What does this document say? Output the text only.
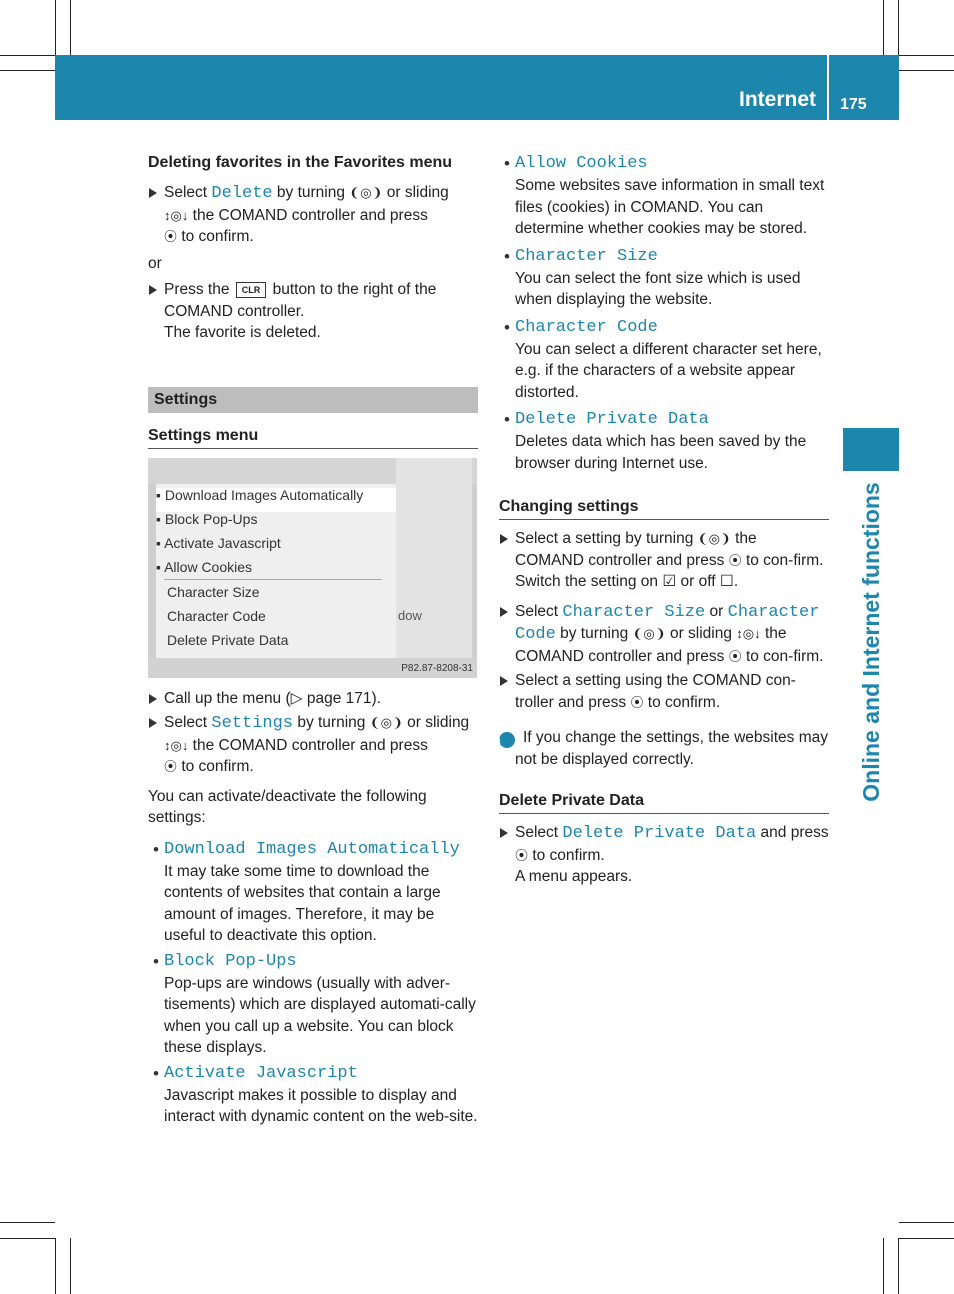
Internet 175
Online and Internet functions
Deleting favorites in the Favorites menu
Select Delete by turning ❨◎❩ or sliding
↕◎↓ the COMAND controller and press
⦿ to confirm.
or
Press the CLR button to the right of the
COMAND controller.
The favorite is deleted.
Settings
Settings menu
▪ Download Images Automatically
▪ Block Pop-Ups
▪ Activate Javascript
▪ Allow Cookies
Character Size
Character Code
Delete Private Data
dow
P82.87-8208-31
Call up the menu (▷ page 171).
Select Settings by turning ❨◎❩ or sliding
↕◎↓ the COMAND controller and press
⦿ to confirm.
You can activate/deactivate the following settings:
• Download Images Automatically
It may take some time to download the contents of websites that contain a large amount of images. Therefore, it may be useful to deactivate this option.
• Block Pop-Ups
Pop-ups are windows (usually with adver-tisements) which are displayed automati-cally when you call up a website. You can block these displays.
• Activate Javascript
Javascript makes it possible to display and interact with dynamic content on the web-site.
• Allow Cookies
Some websites save information in small text files (cookies) in COMAND. You can determine whether cookies may be stored.
• Character Size
You can select the font size which is used when displaying the website.
• Character Code
You can select a different character set here, e.g. if the characters of a website appear distorted.
• Delete Private Data
Deletes data which has been saved by the browser during Internet use.
Changing settings
Select a setting by turning ❨◎❩ the
COMAND controller and press ⦿ to con-firm.
Switch the setting on ☑ or off ☐.
Select Character Size or Character Code by turning ❨◎❩ or sliding ↕◎↓ the
COMAND controller and press ⦿ to con-firm.
Select a setting using the COMAND con-
troller and press ⦿ to confirm.
i If you change the settings, the websites may not be displayed correctly.
Delete Private Data
Select Delete Private Data and press
⦿ to confirm.
A menu appears.
